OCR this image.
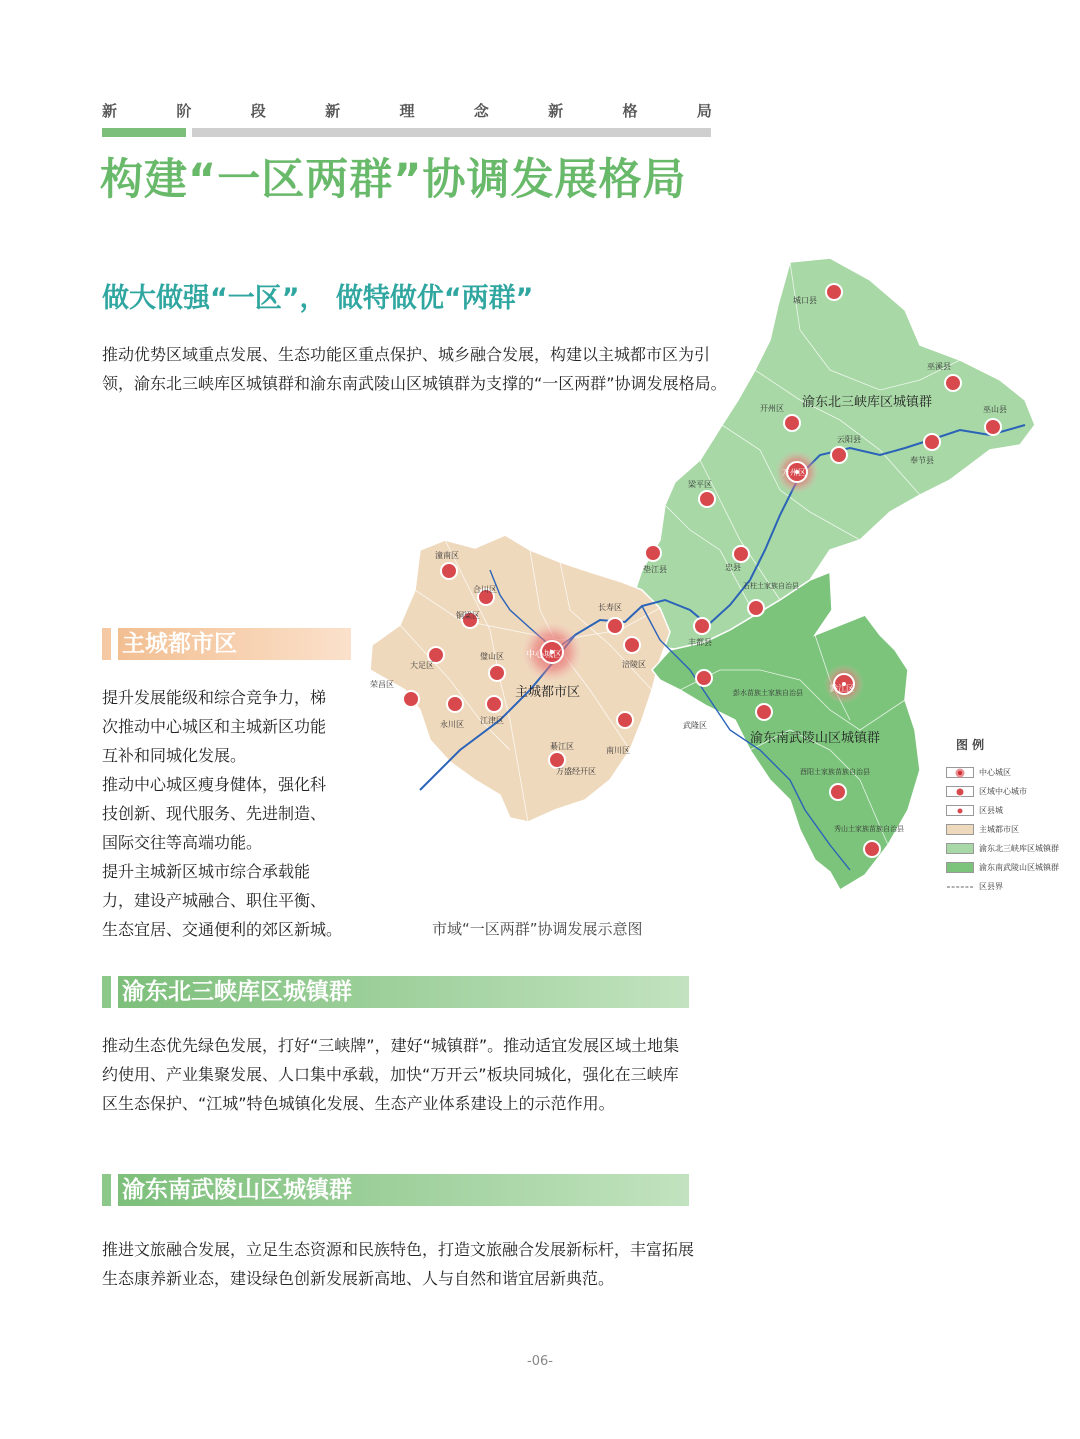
新	阶	段	新	理	念	新	格	局
构建“一区两群”协调发展格局
做大做强“一区”， 做特做优“两群”
推动优势区域重点发展、生态功能区重点保护、城乡融合发展，构建以主城都市区为引领，渝东北三峡库区城镇群和渝东南武陵山区城镇群为支撑的“一区两群”协调发展格局。
主城都市区
提升发展能级和综合竞争力，梯
次推动中心城区和主城新区功能
互补和同城化发展。
推动中心城区瘦身健体，强化科
技创新、现代服务、先进制造、
国际交往等高端功能。
提升主城新区城市综合承载能
力，建设产城融合、职住平衡、
生态宜居、交通便利的郊区新城。
城口县
巫溪县
开州区	巫山县
云阳县
奉节县
万州区
梁平区
忠县
垫江县
石柱土家族自治县
丰都县
潼南区
合川区
铜梁区
长寿区
大足区
璧山区 中心城区
涪陵区
荣昌区
永川区 江津区
綦江区
万盛经开区
南川区
武隆区
彭水苗族土家族自治县	黔江区
酉阳土家族苗族自治县
秀山土家族苗族自治县
主城都市区
渝东北三峡库区城镇群
渝东南武陵山区城镇群
市域“一区两群”协调发展示意图
图 例
中心城区
区域中心城市
区县城
主城都市区
渝东北三峡库区城镇群
渝东南武陵山区城镇群
区县界
渝东北三峡库区城镇群
推动生态优先绿色发展，打好“三峡牌”，建好“城镇群”。推动适宜发展区域土地集约使用、产业集聚发展、人口集中承载，加快“万开云”板块同城化，强化在三峡库区生态保护、“江城”特色城镇化发展、生态产业体系建设上的示范作用。
渝东南武陵山区城镇群
推进文旅融合发展，立足生态资源和民族特色，打造文旅融合发展新标杆，丰富拓展生态康养新业态，建设绿色创新发展新高地、人与自然和谐宜居新典范。
-06-
